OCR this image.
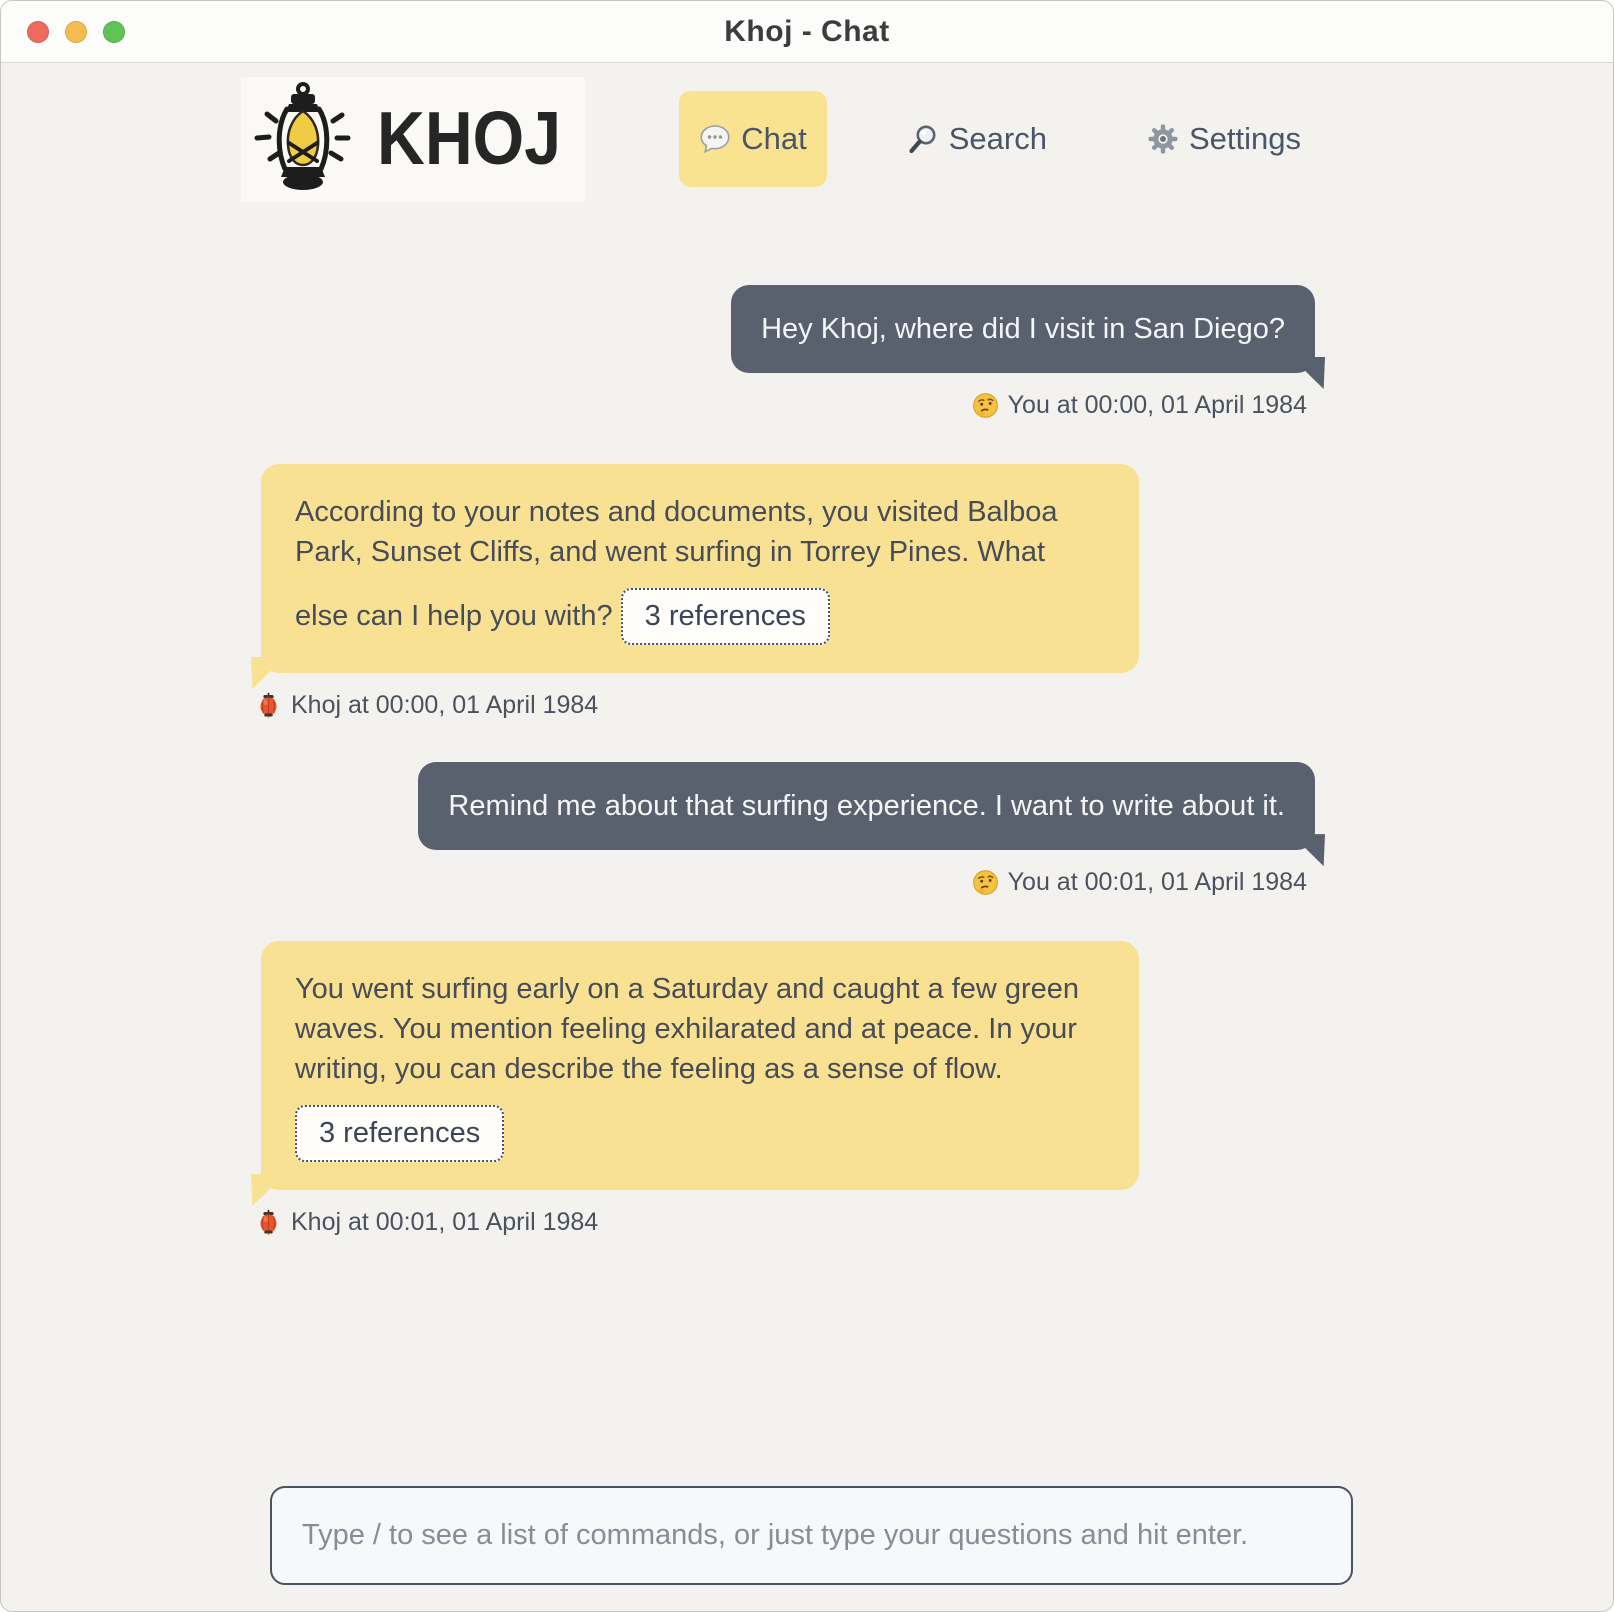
Khoj - Chat
KHOJ	Chat	Search	Settings
Hey Khoj, where did I visit in San Diego?
You at 00:00, 01 April 1984
According to your notes and documents, you visited Balboa Park, Sunset Cliffs, and went surfing in Torrey Pines. What else can I help you with? 3 references
Khoj at 00:00, 01 April 1984
Remind me about that surfing experience. I want to write about it.
You at 00:01, 01 April 1984
You went surfing early on a Saturday and caught a few green waves. You mention feeling exhilarated and at peace. In your writing, you can describe the feeling as a sense of flow. 3 references
Khoj at 00:01, 01 April 1984
Type / to see a list of commands, or just type your questions and hit enter.
